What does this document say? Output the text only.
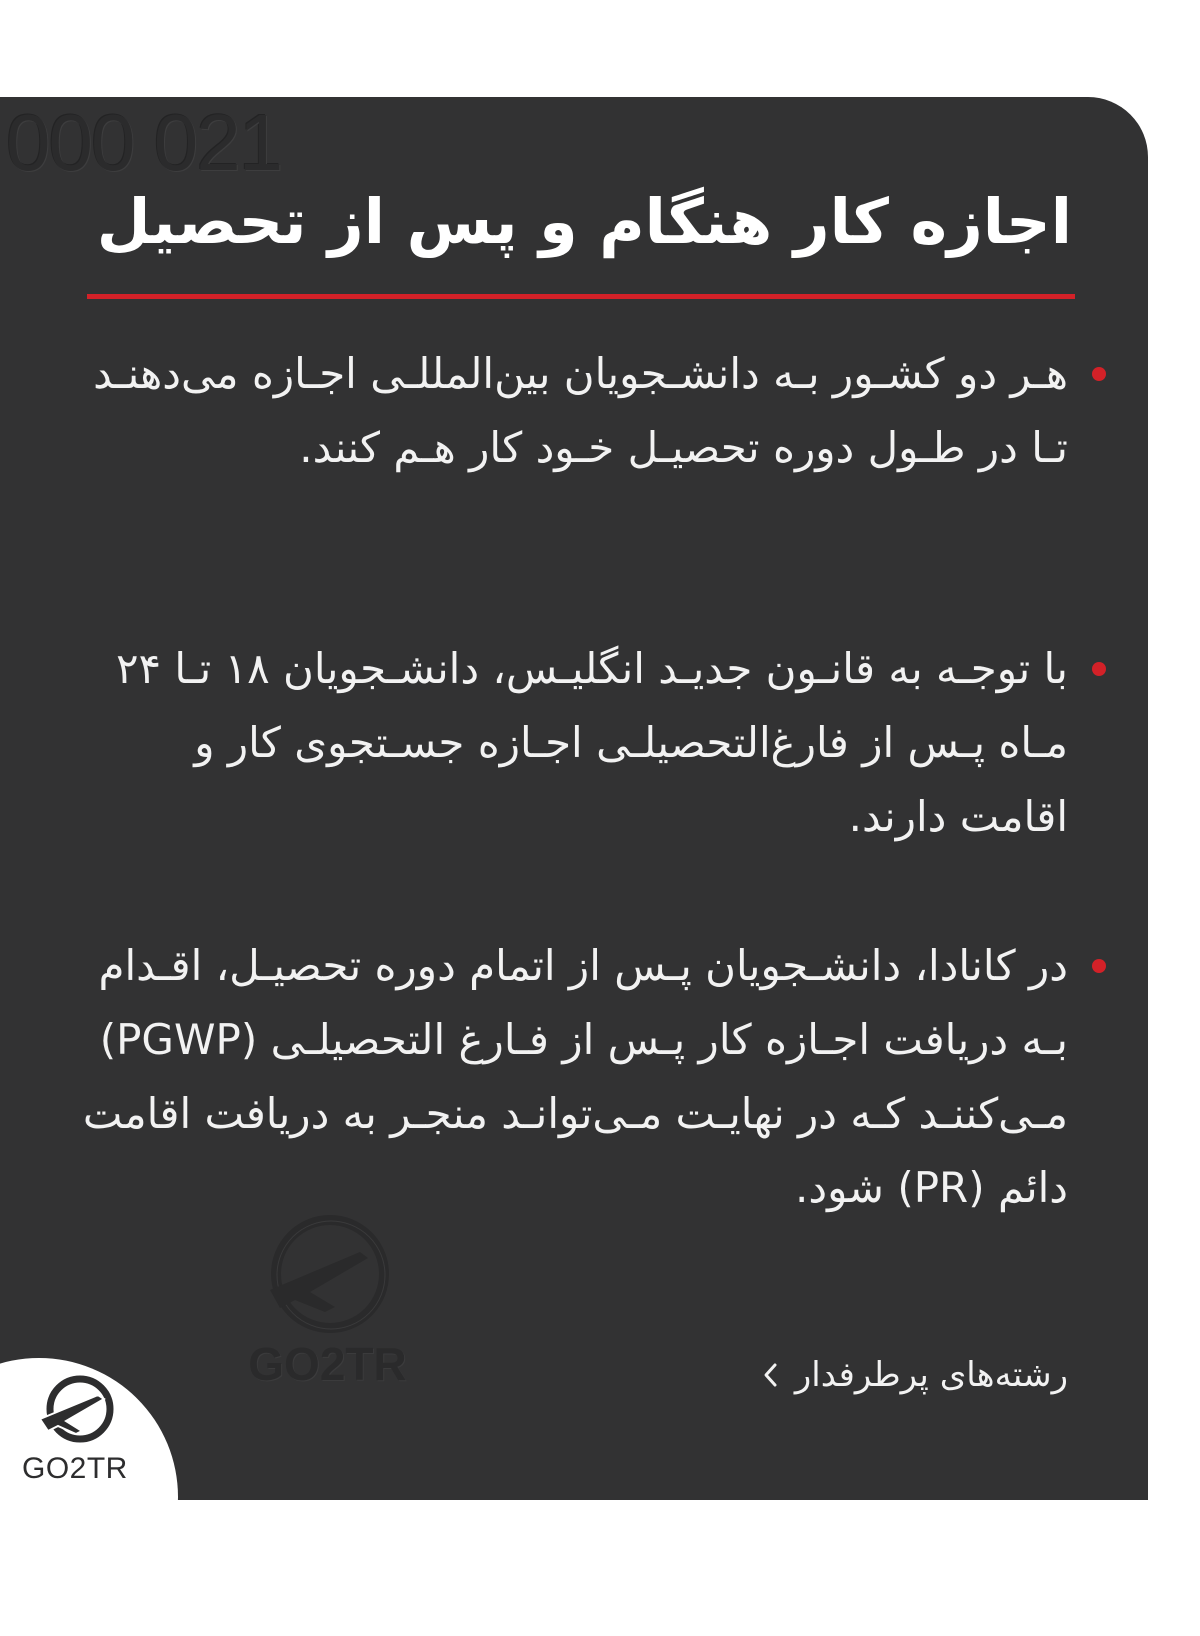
000 021
اجازه کار هنگام و پس از تحصیل

هـر دو کشـور بـه دانشـجویان بین‌المللـی اجـازه می‌دهنـد تـا در طـول دوره تحصیـل خـود کار هـم کنند.

با توجـه به قانـون جدیـد انگلیـس، دانشـجویان ۱۸ تـا ۲۴ مـاه پـس از فارغ‌التحصیلـی اجـازه جسـتجوی کار و اقامت دارند.

در کانادا، دانشـجویان پـس از اتمام دوره تحصیـل، اقـدام بـه دریافت اجـازه کار پـس از فـارغ التحصیلـی (PGWP) مـی‌کننـد کـه در نهایـت مـی‌توانـد منجـر به دریافت اقامت دائم (PR) شود.

GO2TR	رشته‌های پرطرفدار
GO2TR
